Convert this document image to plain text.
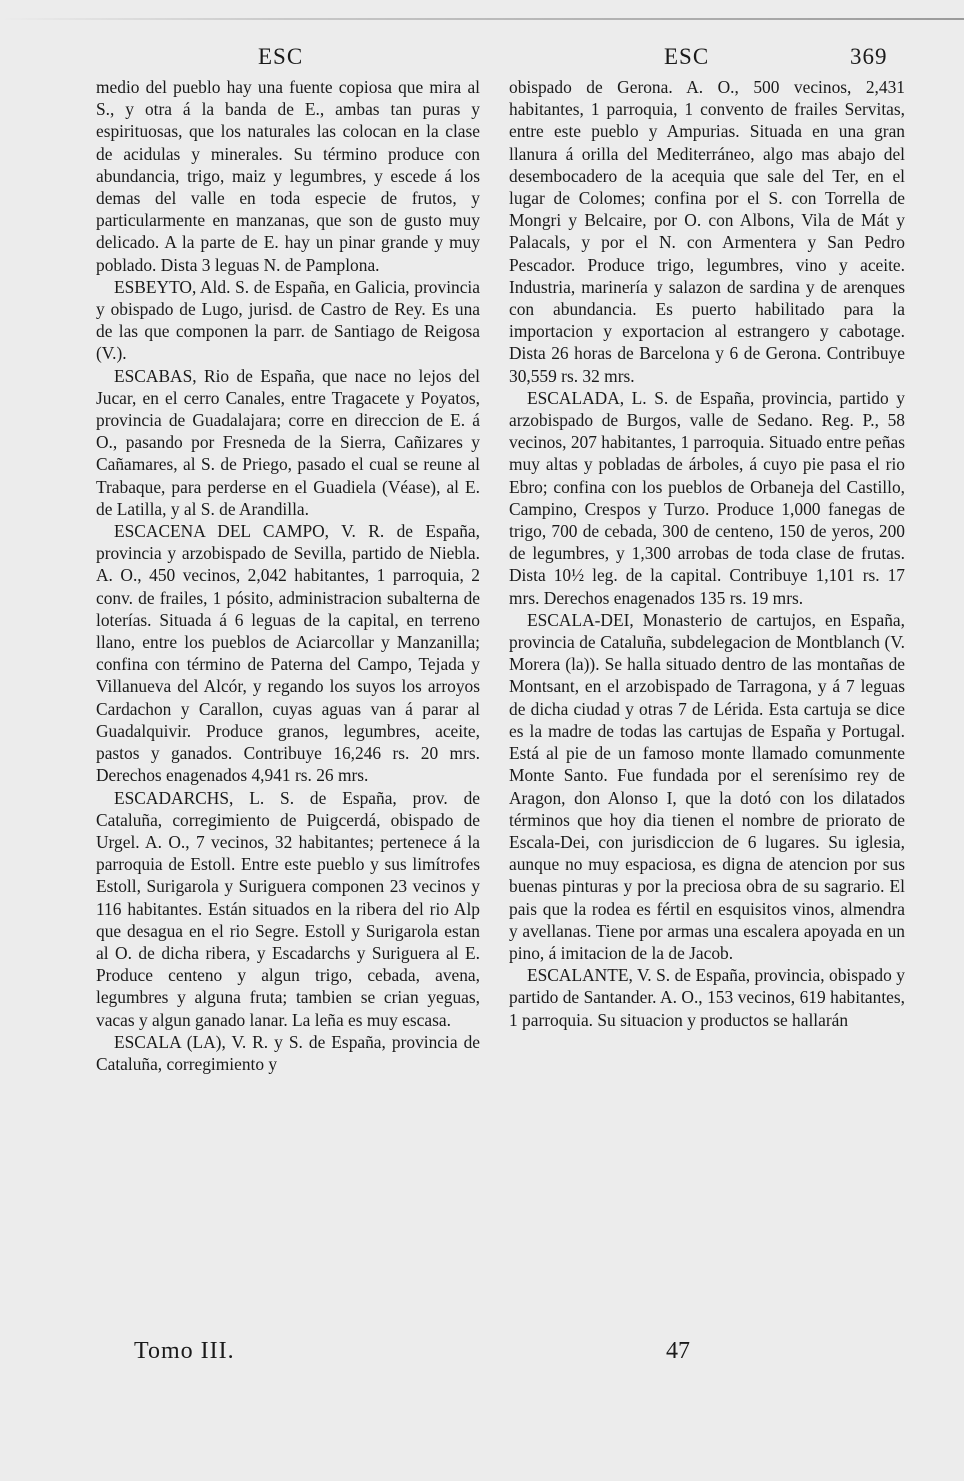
ESC	ESC	369

medio del pueblo hay una fuente copiosa que mira al S., y otra á la banda de E., ambas tan puras y espirituosas, que los naturales las colocan en la clase de acidulas y minerales. Su término produce con abundancia, trigo, maiz y legumbres, y escede á los demas del valle en toda especie de frutos, y particularmente en manzanas, que son de gusto muy delicado. A la parte de E. hay un pinar grande y muy poblado. Dista 3 leguas N. de Pamplona.

ESBEYTO, Ald. S. de España, en Galicia, provincia y obispado de Lugo, jurisd. de Castro de Rey. Es una de las que componen la parr. de Santiago de Reigosa (V.).

ESCABAS, Rio de España, que nace no lejos del Jucar, en el cerro Canales, entre Tragacete y Poyatos, provincia de Guadalajara; corre en direccion de E. á O., pasando por Fresneda de la Sierra, Cañizares y Cañamares, al S. de Priego, pasado el cual se reune al Trabaque, para perderse en el Guadiela (Véase), al E. de Latilla, y al S. de Arandilla.

ESCACENA DEL CAMPO, V. R. de España, provincia y arzobispado de Sevilla, partido de Niebla. A. O., 450 vecinos, 2,042 habitantes, 1 parroquia, 2 conv. de frailes, 1 pósito, administracion subalterna de loterías. Situada á 6 leguas de la capital, en terreno llano, entre los pueblos de Aciarcollar y Manzanilla; confina con término de Paterna del Campo, Tejada y Villanueva del Alcór, y regando los suyos los arroyos Cardachon y Carallon, cuyas aguas van á parar al Guadalquivir. Produce granos, legumbres, aceite, pastos y ganados. Contribuye 16,246 rs. 20 mrs. Derechos enagenados 4,941 rs. 26 mrs.

ESCADARCHS, L. S. de España, prov. de Cataluña, corregimiento de Puigcerdá, obispado de Urgel. A. O., 7 vecinos, 32 habitantes; pertenece á la parroquia de Estoll. Entre este pueblo y sus limítrofes Estoll, Surigarola y Suriguera componen 23 vecinos y 116 habitantes. Están situados en la ribera del rio Alp que desagua en el rio Segre. Estoll y Surigarola estan al O. de dicha ribera, y Escadarchs y Suriguera al E. Produce centeno y algun trigo, cebada, avena, legumbres y alguna fruta; tambien se crian yeguas, vacas y algun ganado lanar. La leña es muy escasa.

ESCALA (LA), V. R. y S. de España, provincia de Cataluña, corregimiento y

obispado de Gerona. A. O., 500 vecinos, 2,431 habitantes, 1 parroquia, 1 convento de frailes Servitas, entre este pueblo y Ampurias. Situada en una gran llanura á orilla del Mediterráneo, algo mas abajo del desembocadero de la acequia que sale del Ter, en el lugar de Colomes; confina por el S. con Torrella de Mongri y Belcaire, por O. con Albons, Vila de Mát y Palacals, y por el N. con Armentera y San Pedro Pescador. Produce trigo, legumbres, vino y aceite. Industria, marinería y salazon de sardina y de arenques con abundancia. Es puerto habilitado para la importacion y exportacion al estrangero y cabotage. Dista 26 horas de Barcelona y 6 de Gerona. Contribuye 30,559 rs. 32 mrs.

ESCALADA, L. S. de España, provincia, partido y arzobispado de Burgos, valle de Sedano. Reg. P., 58 vecinos, 207 habitantes, 1 parroquia. Situado entre peñas muy altas y pobladas de árboles, á cuyo pie pasa el rio Ebro; confina con los pueblos de Orbaneja del Castillo, Campino, Crespos y Turzo. Produce 1,000 fanegas de trigo, 700 de cebada, 300 de centeno, 150 de yeros, 200 de legumbres, y 1,300 arrobas de toda clase de frutas. Dista 10½ leg. de la capital. Contribuye 1,101 rs. 17 mrs. Derechos enagenados 135 rs. 19 mrs.

ESCALA-DEI, Monasterio de cartujos, en España, provincia de Cataluña, subdelegacion de Montblanch (V. Morera (la)). Se halla situado dentro de las montañas de Montsant, en el arzobispado de Tarragona, y á 7 leguas de dicha ciudad y otras 7 de Lérida. Esta cartuja se dice es la madre de todas las cartujas de España y Portugal. Está al pie de un famoso monte llamado comunmente Monte Santo. Fue fundada por el serenísimo rey de Aragon, don Alonso I, que la dotó con los dilatados términos que hoy dia tienen el nombre de priorato de Escala-Dei, con jurisdiccion de 6 lugares. Su iglesia, aunque no muy espaciosa, es digna de atencion por sus buenas pinturas y por la preciosa obra de su sagrario. El pais que la rodea es fértil en esquisitos vinos, almendra y avellanas. Tiene por armas una escalera apoyada en un pino, á imitacion de la de Jacob.

ESCALANTE, V. S. de España, provincia, obispado y partido de Santander. A. O., 153 vecinos, 619 habitantes, 1 parroquia. Su situacion y productos se hallarán

Tomo III.	47
